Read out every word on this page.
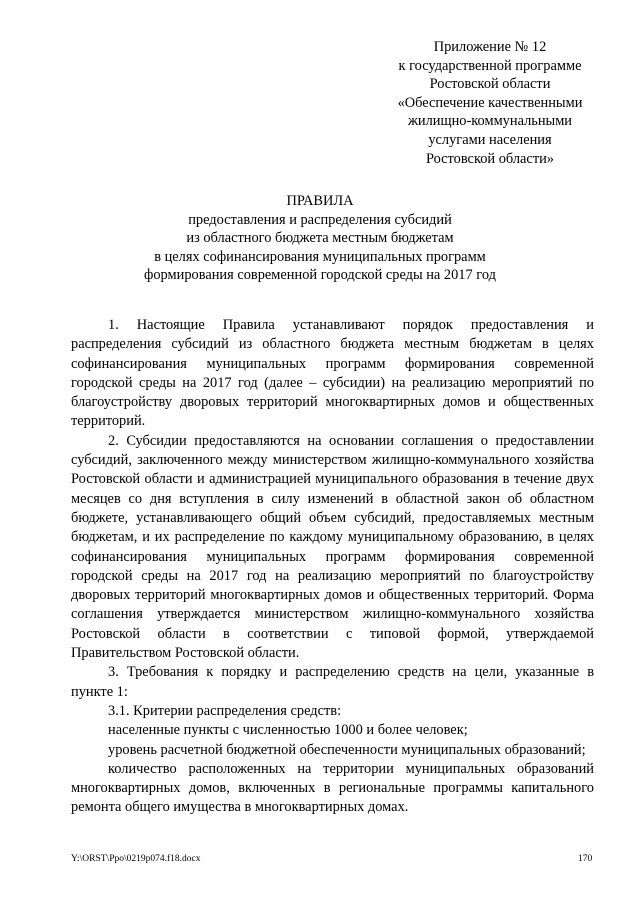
Приложение № 12
к государственной программе
Ростовской области
«Обеспечение качественными
жилищно-коммунальными
услугами населения
Ростовской области»
ПРАВИЛА
предоставления и распределения субсидий
из областного бюджета местным бюджетам
в целях софинансирования муниципальных программ
формирования современной городской среды на 2017 год

1. Настоящие Правила устанавливают порядок предоставления и распределения субсидий из областного бюджета местным бюджетам в целях софинансирования муниципальных программ формирования современной городской среды на 2017 год (далее – субсидии) на реализацию мероприятий по благоустройству дворовых территорий многоквартирных домов и общественных территорий.

2. Субсидии предоставляются на основании соглашения о предоставлении субсидий, заключенного между министерством жилищно-коммунального хозяйства Ростовской области и администрацией муниципального образования в течение двух месяцев со дня вступления в силу изменений в областной закон об областном бюджете, устанавливающего общий объем субсидий, предоставляемых местным бюджетам, и их распределение по каждому муниципальному образованию, в целях софинансирования муниципальных программ формирования современной городской среды на 2017 год на реализацию мероприятий по благоустройству дворовых территорий многоквартирных домов и общественных территорий. Форма соглашения утверждается министерством жилищно-коммунального хозяйства Ростовской области в соответствии с типовой формой, утверждаемой Правительством Ростовской области.

3. Требования к порядку и распределению средств на цели, указанные в пункте 1:

3.1. Критерии распределения средств:

населенные пункты с численностью 1000 и более человек;

уровень расчетной бюджетной обеспеченности муниципальных образований;

количество расположенных на территории муниципальных образований многоквартирных домов, включенных в региональные программы капитального ремонта общего имущества в многоквартирных домах.

Y:\ORST\Ppo\0219p074.f18.docx	170
